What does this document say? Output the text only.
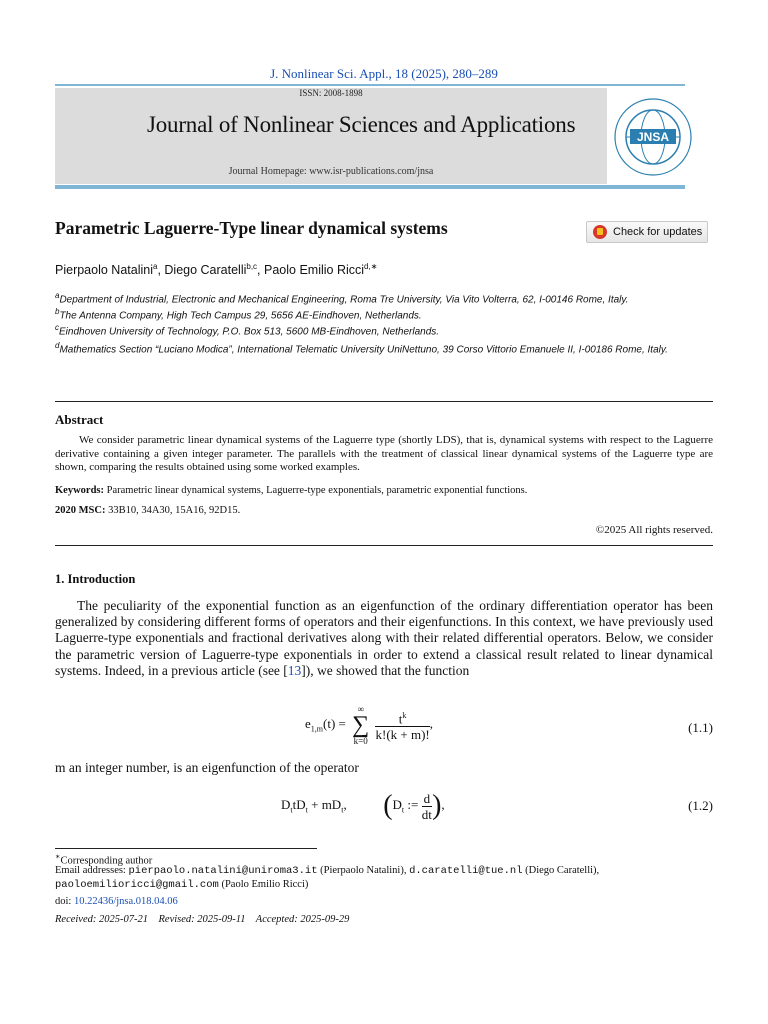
J. Nonlinear Sci. Appl., 18 (2025), 280–289
ISSN: 2008-1898
Journal of Nonlinear Sciences and Applications
Journal Homepage: www.isr-publications.com/jnsa
JNSA
Parametric Laguerre-Type linear dynamical systems	Check for updates
Pierpaolo Natalini$^a$, Diego Caratelli$^{b,c}$, Paolo Emilio Ricci$^{d,∗}$
$^a$Department of Industrial, Electronic and Mechanical Engineering, Roma Tre University, Via Vito Volterra, 62, I-00146 Rome, Italy.
$^b$The Antenna Company, High Tech Campus 29, 5656 AE-Eindhoven, Netherlands.
$^c$Eindhoven University of Technology, P.O. Box 513, 5600 MB-Eindhoven, Netherlands.
$^d$Mathematics Section “Luciano Modica”, International Telematic University UniNettuno, 39 Corso Vittorio Emanuele II, I-00186 Rome, Italy.
Abstract
We consider parametric linear dynamical systems of the Laguerre type (shortly LDS), that is, dynamical systems with respect to the Laguerre derivative containing a given integer parameter. The parallels with the treatment of classical linear dynamical systems of the Laguerre type are shown, comparing the results obtained using some worked examples.
Keywords: Parametric linear dynamical systems, Laguerre-type exponentials, parametric exponential functions.
2020 MSC: 33B10, 34A30, 15A16, 92D15.
©2025 All rights reserved.
1. Introduction
The peculiarity of the exponential function as an eigenfunction of the ordinary differentiation operator has been generalized by considering different forms of operators and their eigenfunctions. In this context, we have previously used Laguerre-type exponentials and fractional derivatives along with their related differential operators. Below, we consider the parametric version of Laguerre-type exponentials in order to extend a classical result related to linear dynamical systems. Indeed, in a previous article (see [13]), we showed that the function
$e_{1,m}(t)$ = ∞
∑
$k=0 \frac{t^k}{k!(k + m)!}$ ,	(1.1)
m an integer number, is an eigenfunction of the operator
$D_ttD_t + mD_t$, ($D_t$ := $\frac{d}{dt}$ ),	(1.2)
∗Corresponding author
Email addresses: pierpaolo.natalini@uniroma3.it (Pierpaolo Natalini), d.caratelli@tue.nl (Diego Caratelli),
paoloemilioricci@gmail.com (Paolo Emilio Ricci)
doi: 10.22436/jnsa.018.04.06
Received: 2025-07-21    Revised: 2025-09-11    Accepted: 2025-09-29
